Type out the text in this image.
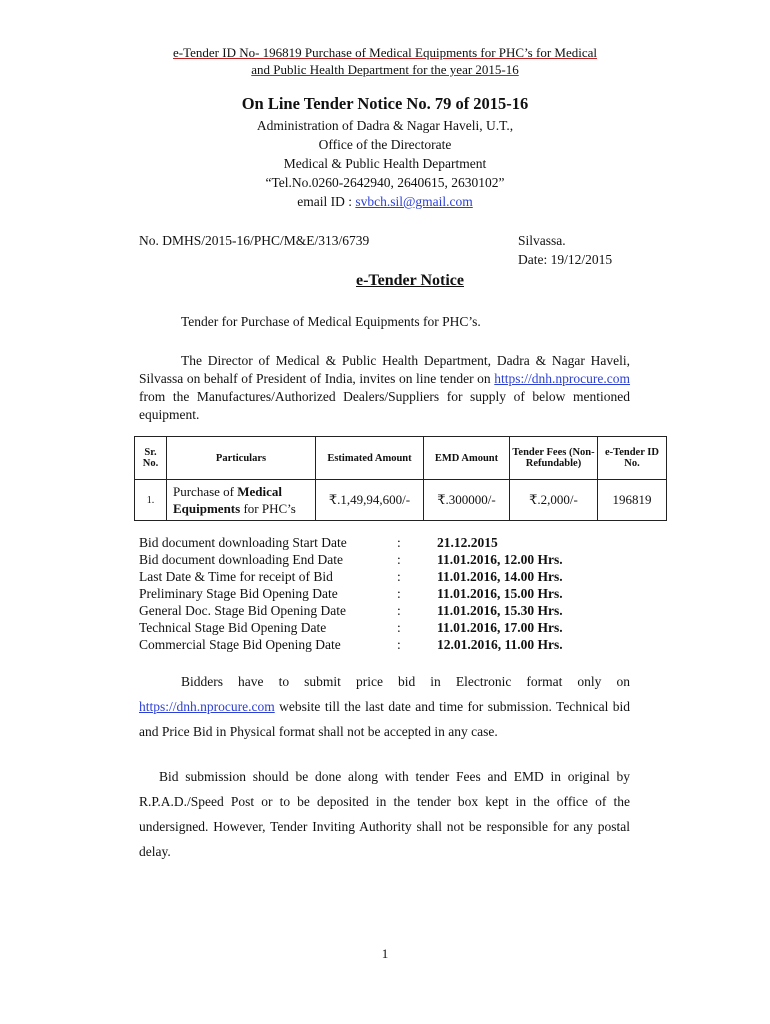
e-Tender ID No- 196819 Purchase of Medical Equipments for PHC’s for Medical
and Public Health Department for the year 2015-16
On Line Tender Notice No. 79 of 2015-16
Administration of Dadra & Nagar Haveli, U.T.,
Office of the Directorate
Medical & Public Health Department
“Tel.No.0260-2642940, 2640615, 2630102”
email ID : svbch.sil@gmail.com
No. DMHS/2015-16/PHC/M&E/313/6739	Silvassa.
Date: 19/12/2015
e-Tender Notice
Tender for Purchase of Medical Equipments for PHC’s.
The Director of Medical & Public Health Department, Dadra & Nagar Haveli, Silvassa on behalf of President of India, invites on line tender on https://dnh.nprocure.com from the Manufactures/Authorized Dealers/Suppliers for supply of below mentioned equipment.
Sr. No.	Particulars	Estimated Amount	EMD Amount	Tender Fees (Non-Refundable)	e-Tender ID No.
1.	Purchase of Medical
Equipments for PHC’s	₹.1,49,94,600/-	₹.300000/-	₹.2,000/-	196819
Bid document downloading Start Date	:	21.12.2015
Bid document downloading End Date	:	11.01.2016, 12.00 Hrs.
Last Date & Time for receipt of Bid	:	11.01.2016, 14.00 Hrs.
Preliminary Stage Bid Opening Date	:	11.01.2016, 15.00 Hrs.
General Doc. Stage Bid Opening Date	:	11.01.2016, 15.30 Hrs.
Technical Stage Bid Opening Date	:	11.01.2016, 17.00 Hrs.
Commercial Stage Bid Opening Date	:	12.01.2016, 11.00 Hrs.
Bidders have to submit price bid in Electronic format only on https://dnh.nprocure.com website till the last date and time for submission. Technical bid and Price Bid in Physical format shall not be accepted in any case.
Bid submission should be done along with tender Fees and EMD in original by R.P.A.D./Speed Post or to be deposited in the tender box kept in the office of the undersigned. However, Tender Inviting Authority shall not be responsible for any postal delay.
1
